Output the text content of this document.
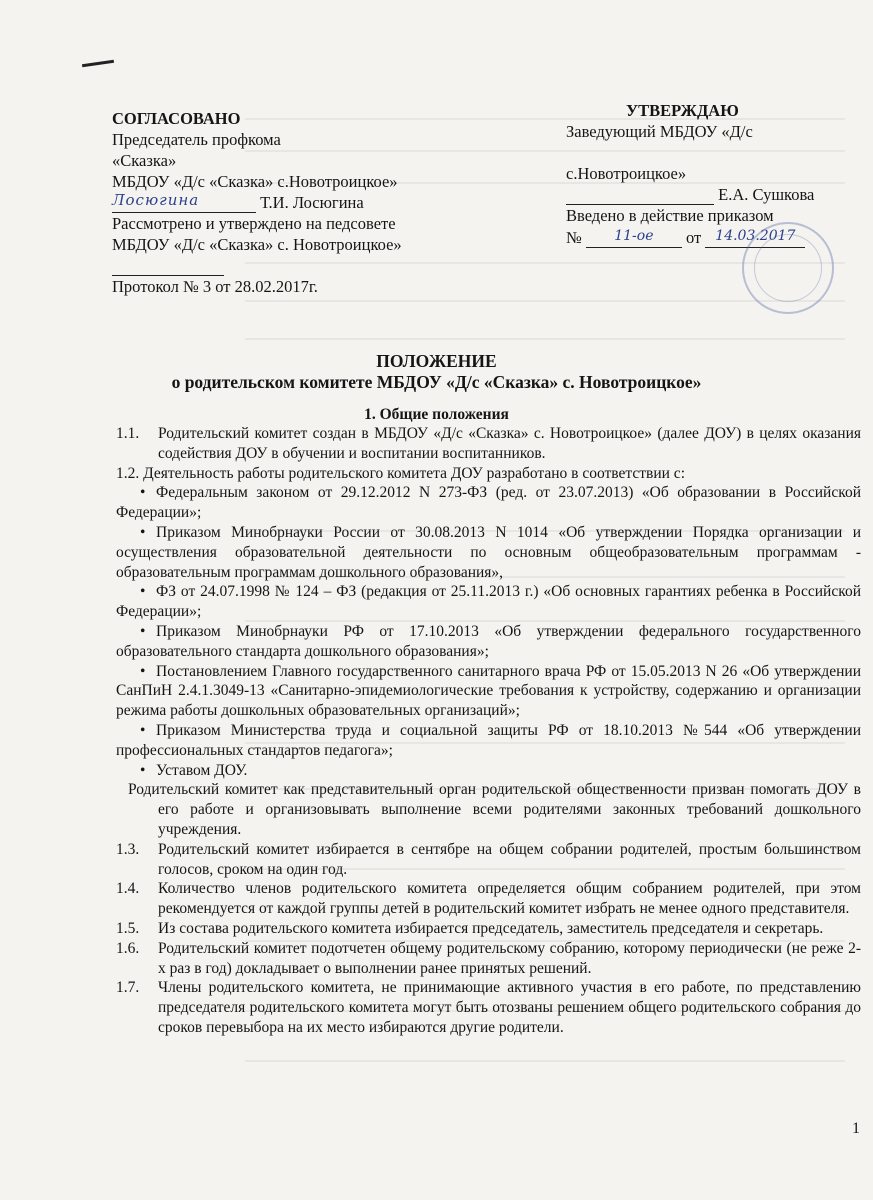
СОГЛАСОВАНО
Председатель профкома
«Сказка»
МБДОУ «Д/с «Сказка» с.Новотроицкое»
Лосюгина	Т.И. Лосюгина
Рассмотрено и утверждено на педсовете
МБДОУ «Д/с «Сказка» с. Новотроицкое»
Протокол № 3 от 28.02.2017г.
УТВЕРЖДАЮ
Заведующий МБДОУ «Д/с
с.Новотроицкое»
Е.А. Сушкова
Введено в действие приказом
№ 11-ое от 14.03.2017
ПОЛОЖЕНИЕ
о родительском комитете МБДОУ «Д/с «Сказка» с. Новотроицкое»
1. Общие положения
1.1. Родительский комитет создан в МБДОУ «Д/с «Сказка» с. Новотроицкое» (далее ДОУ) в целях оказания содействия ДОУ в обучении и воспитании воспитанников.
1.2. Деятельность работы родительского комитета ДОУ разработано в соответствии с:
• Федеральным законом от 29.12.2012 N 273-ФЗ (ред. от 23.07.2013) «Об образовании в Российской Федерации»;
• Приказом Минобрнауки России от 30.08.2013 N 1014 «Об утверждении Порядка организации и осуществления образовательной деятельности по основным общеобразовательным программам - образовательным программам дошкольного образования»,
• ФЗ от 24.07.1998 № 124 – ФЗ (редакция от 25.11.2013 г.) «Об основных гарантиях ребенка в Российской Федерации»;
• Приказом Минобрнауки РФ от 17.10.2013 «Об утверждении федерального государственного образовательного стандарта дошкольного образования»;
• Постановлением Главного государственного санитарного врача РФ от 15.05.2013 N 26 «Об утверждении СанПиН 2.4.1.3049-13 «Санитарно-эпидемиологические требования к устройству, содержанию и организации режима работы дошкольных образовательных организаций»;
• Приказом Министерства труда и социальной защиты РФ от 18.10.2013 №544 «Об утверждении профессиональных стандартов педагога»;
• Уставом ДОУ.
Родительский комитет как представительный орган родительской общественности призван помогать ДОУ в его работе и организовывать выполнение всеми родителями законных требований дошкольного учреждения.
1.3. Родительский комитет избирается в сентябре на общем собрании родителей, простым большинством голосов, сроком на один год.
1.4. Количество членов родительского комитета определяется общим собранием родителей, при этом рекомендуется от каждой группы детей в родительский комитет избрать не менее одного представителя.
1.5. Из состава родительского комитета избирается председатель, заместитель председателя и секретарь.
1.6. Родительский комитет подотчетен общему родительскому собранию, которому периодически (не реже 2-х раз в год) докладывает о выполнении ранее принятых решений.
1.7. Члены родительского комитета, не принимающие активного участия в его работе, по представлению председателя родительского комитета могут быть отозваны решением общего родительского собрания до сроков перевыбора на их место избираются другие родители.
1
